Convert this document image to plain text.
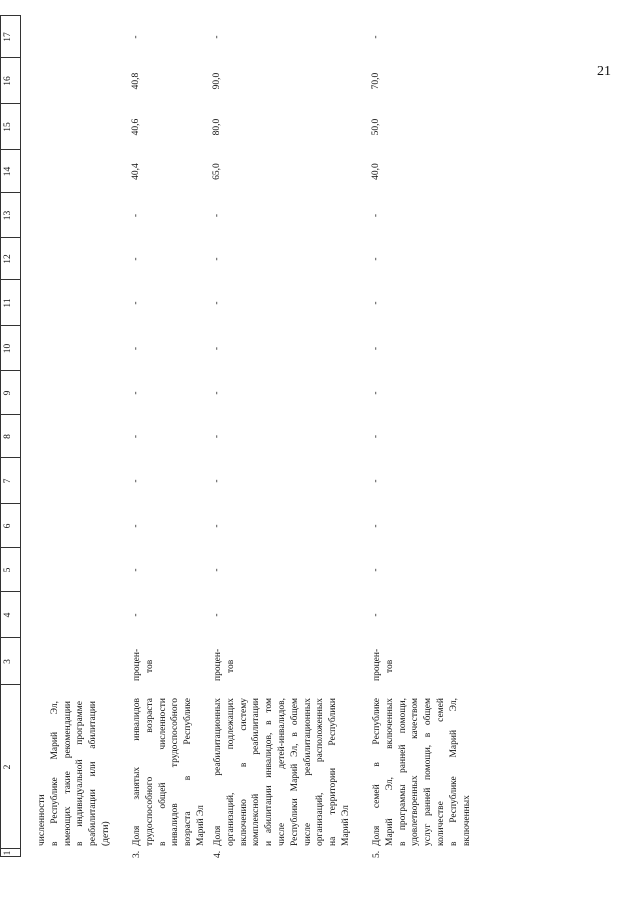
21
1
2
3
4
5
6
7
8
9
10
11
12
13
14
15
16
17
численности в Республике Марий Эл, имеющих такие рекомендации в индивидуальной программе реабилитации или абилитации (дети)
3.
Доля занятых инвалидов трудоспособного возраста в общей численности инвалидов трудоспособного возраста в Республике Марий Эл
процен- тов
-
-
-
-
-
-
-
-
-
-
40,4
40,6
40,8
-
4.
Доля реабилитационных организаций, подлежащих включению в систему комплексной реабилитации и абилитации инвалидов, в том числе детей-инвалидов, Республики Марий Эл, в общем числе реабилитационных организаций, расположенных на территории Республики Марий Эл
процен- тов
-
-
-
-
-
-
-
-
-
-
65,0
80,0
90,0
-
5.
Доля семей в Республике Марий Эл, включенных в программы ранней помощи, удовлетворенных качеством услуг ранней помощи, в общем количестве семей в Республике Марий Эл, включенных
процен- тов
-
-
-
-
-
-
-
-
-
-
40,0
50,0
70,0
-
